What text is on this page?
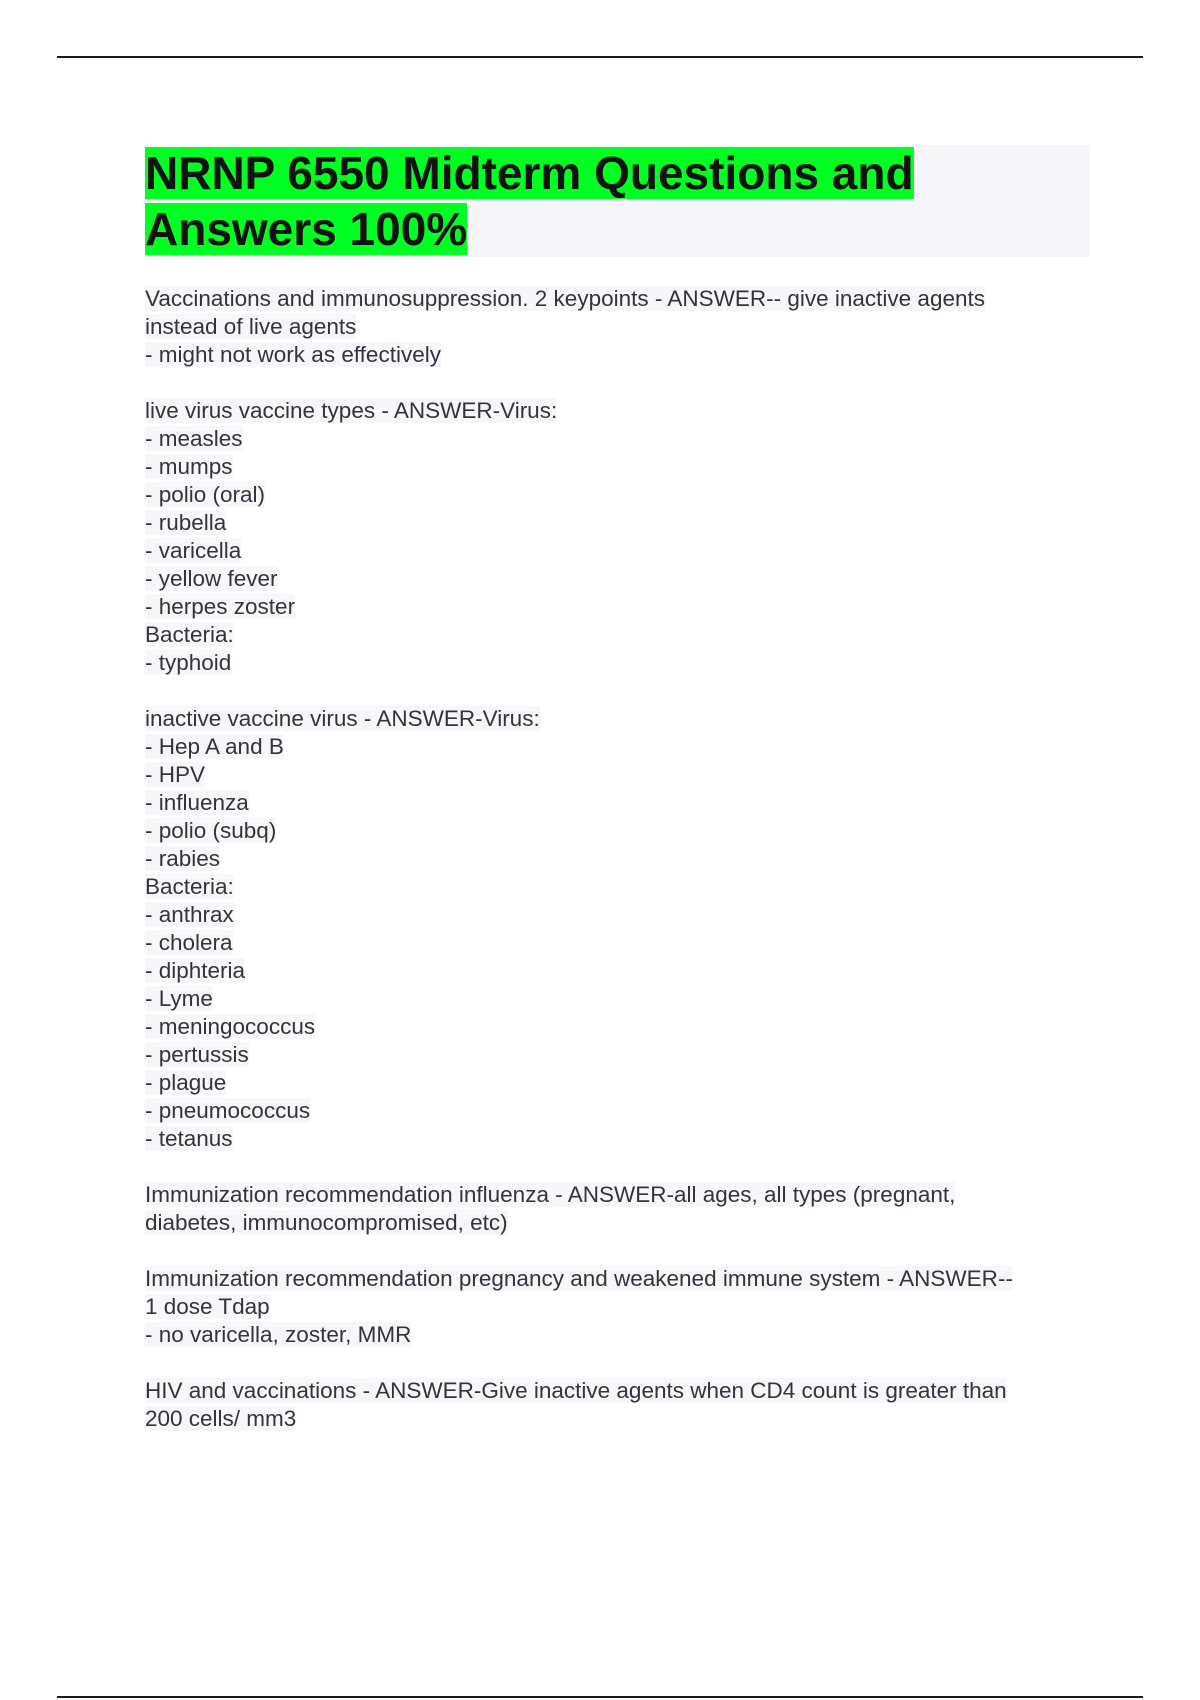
NRNP 6550 Midterm Questions and
Answers 100%
Vaccinations and immunosuppression. 2 keypoints - ANSWER-- give inactive agents
instead of live agents
- might not work as effectively
live virus vaccine types - ANSWER-Virus:
- measles
- mumps
- polio (oral)
- rubella
- varicella
- yellow fever
- herpes zoster
Bacteria:
- typhoid
inactive vaccine virus - ANSWER-Virus:
- Hep A and B
- HPV
- influenza
- polio (subq)
- rabies
Bacteria:
- anthrax
- cholera
- diphteria
- Lyme
- meningococcus
- pertussis
- plague
- pneumococcus
- tetanus
Immunization recommendation influenza - ANSWER-all ages, all types (pregnant,
diabetes, immunocompromised, etc)
Immunization recommendation pregnancy and weakened immune system - ANSWER--
1 dose Tdap
- no varicella, zoster, MMR
HIV and vaccinations - ANSWER-Give inactive agents when CD4 count is greater than
200 cells/ mm3
